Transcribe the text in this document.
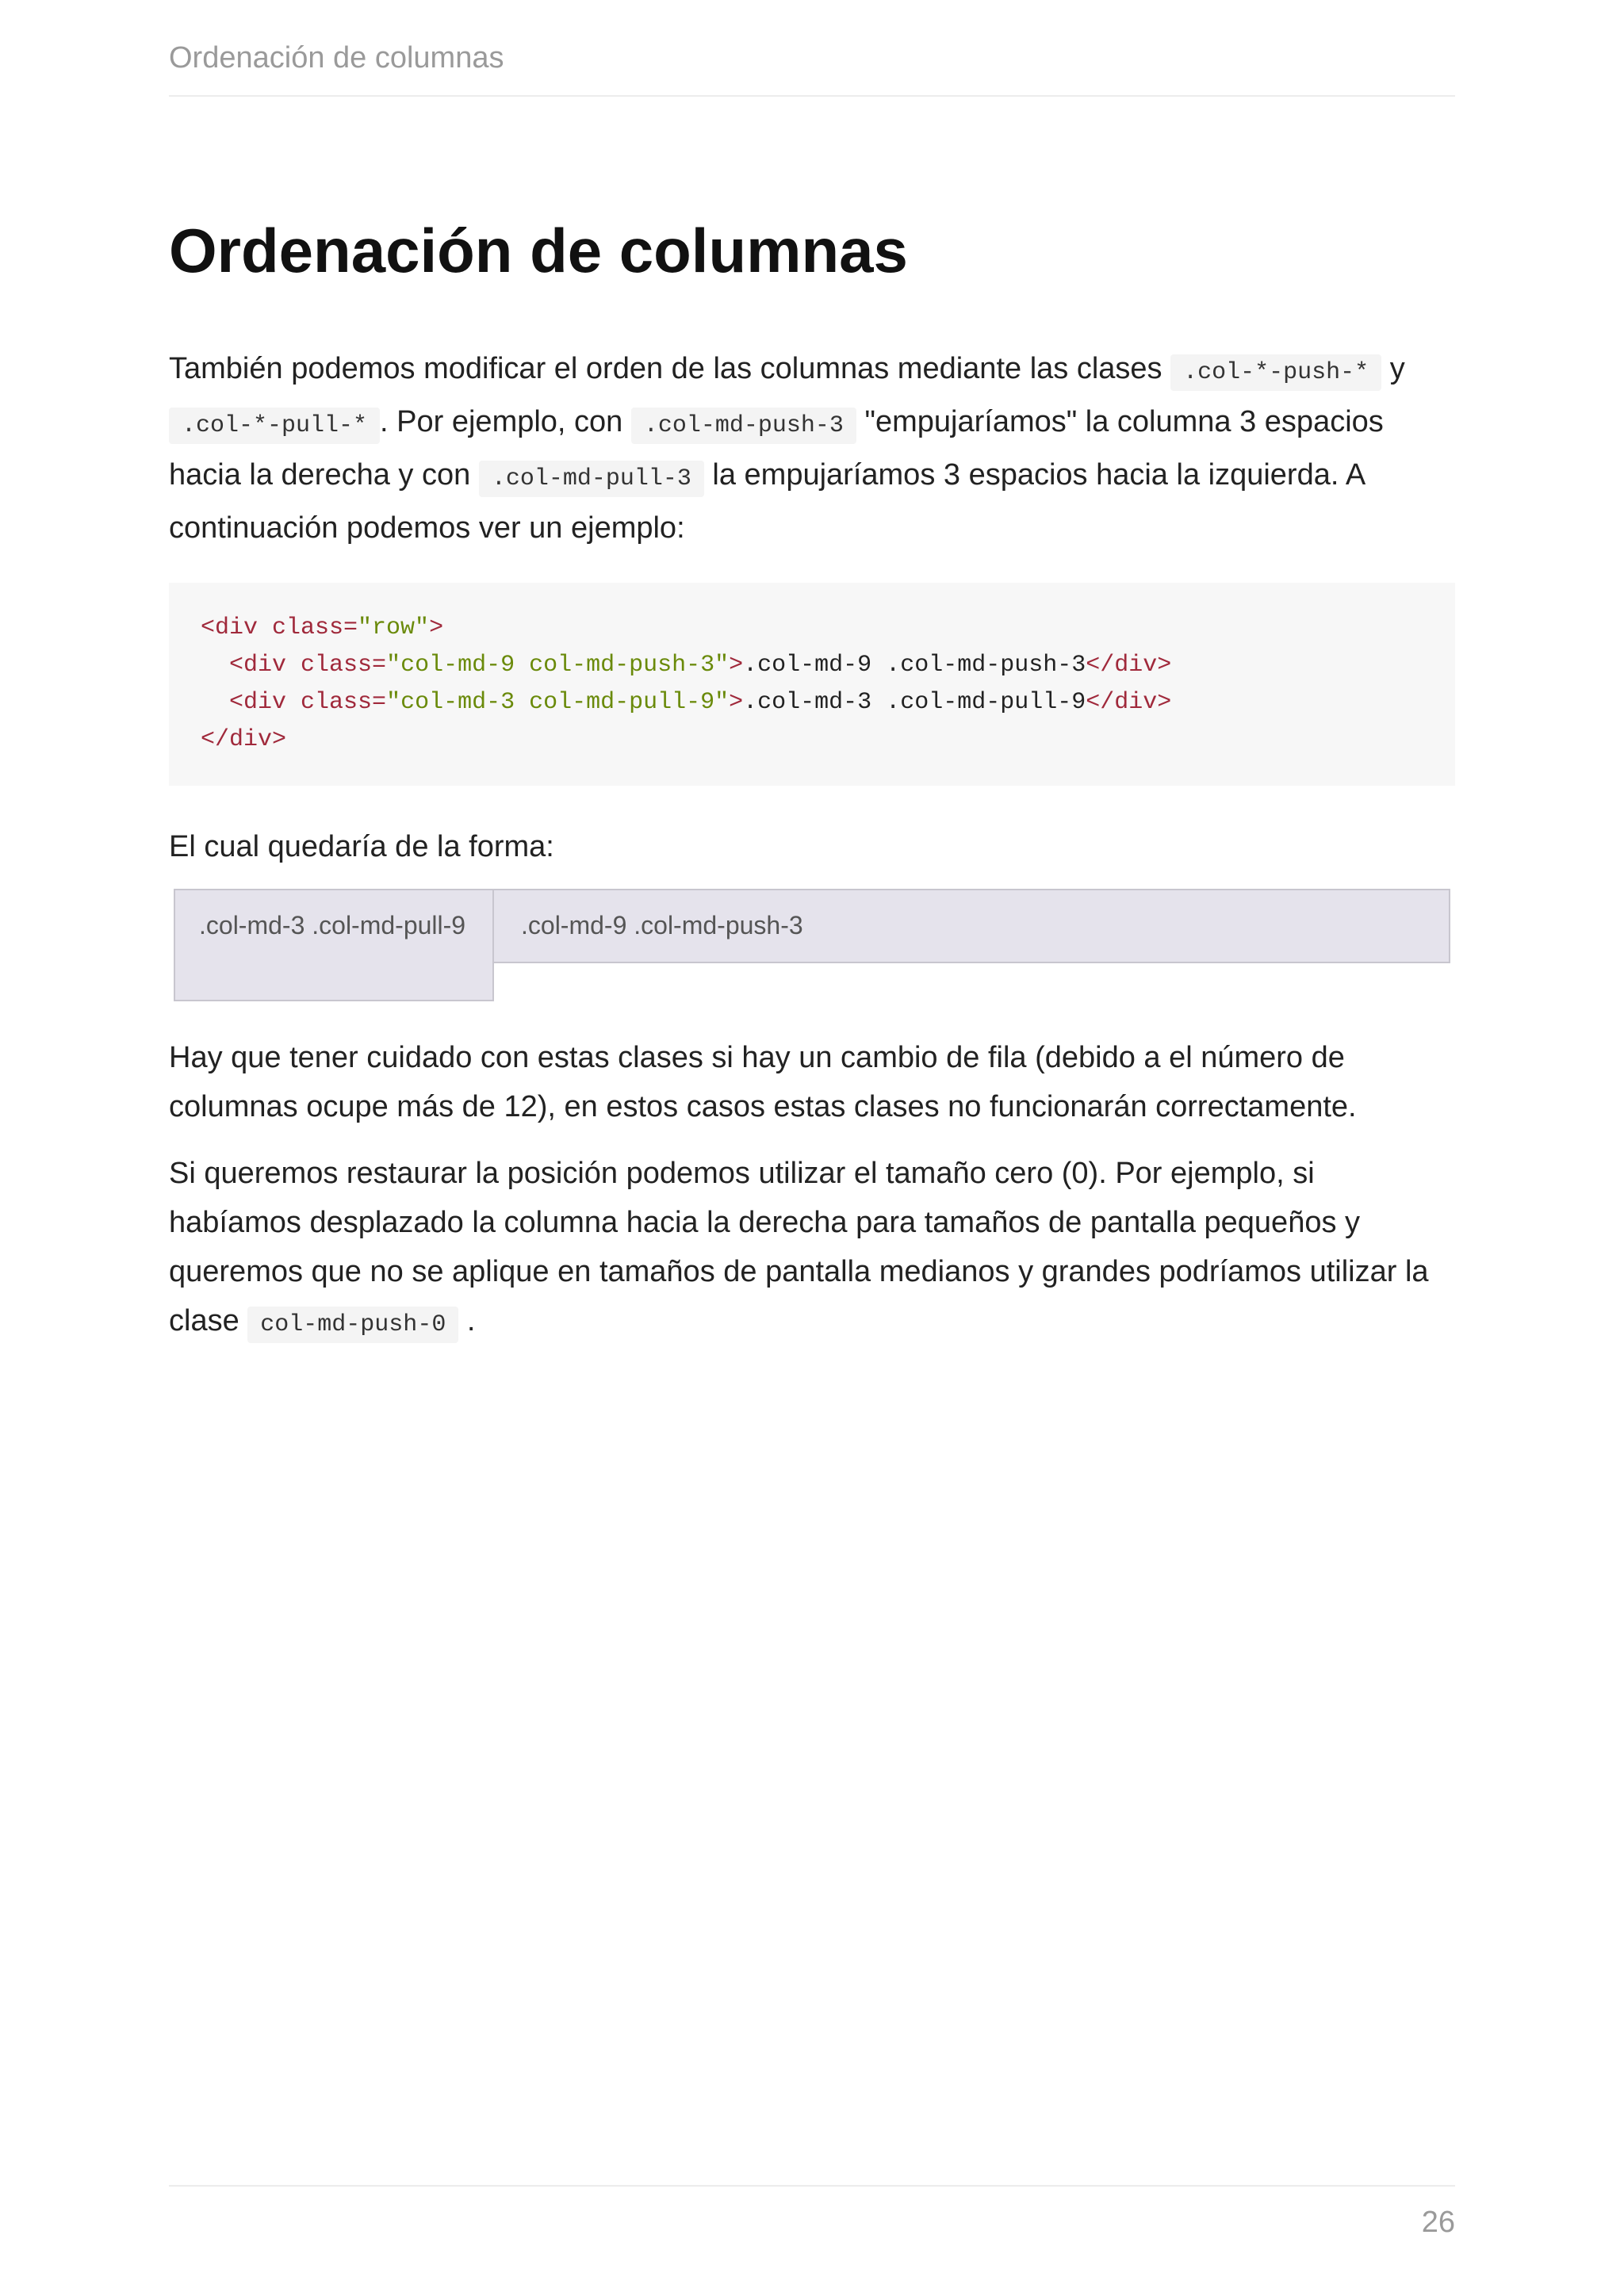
Ordenación de columnas
Ordenación de columnas

También podemos modificar el orden de las columnas mediante las clases .col-*-push-* y .col-*-pull-* . Por ejemplo, con .col-md-push-3 "empujaríamos" la columna 3 espacios hacia la derecha y con .col-md-pull-3 la empujaríamos 3 espacios hacia la izquierda. A continuación podemos ver un ejemplo:

<div class="row">
<div class="col-md-9 col-md-push-3">.col-md-9 .col-md-push-3</div>
<div class="col-md-3 col-md-pull-9">.col-md-3 .col-md-pull-9</div>
</div>

El cual quedaría de la forma:

.col-md-3 .col-md-pull-9	.col-md-9 .col-md-push-3

Hay que tener cuidado con estas clases si hay un cambio de fila (debido a el número de columnas ocupe más de 12), en estos casos estas clases no funcionarán correctamente.

Si queremos restaurar la posición podemos utilizar el tamaño cero (0). Por ejemplo, si habíamos desplazado la columna hacia la derecha para tamaños de pantalla pequeños y queremos que no se aplique en tamaños de pantalla medianos y grandes podríamos utilizar la clase col-md-push-0 .

26
